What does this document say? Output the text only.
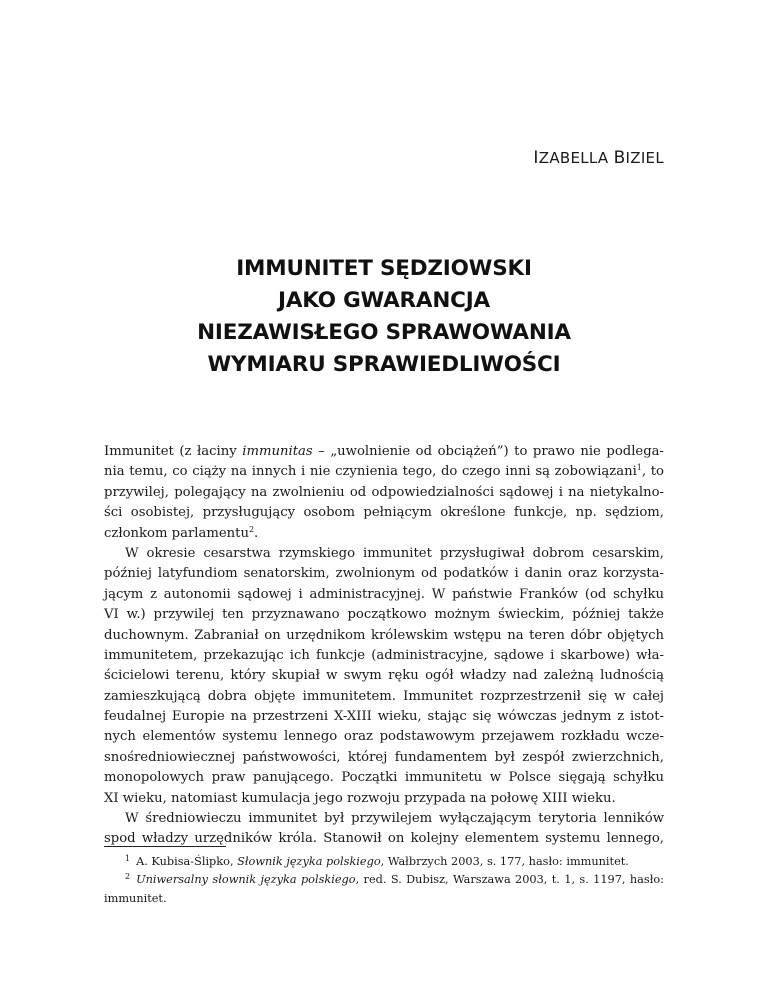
IZABELLA BIZIEL
IMMUNITET SĘDZIOWSKI
JAKO GWARANCJA
NIEZAWISŁEGO SPRAWOWANIA
WYMIARU SPRAWIEDLIWOŚCI
Immunitet (z łaciny immunitas – „uwolnienie od obciążeń”) to prawo nie podlega-
nia temu, co ciąży na innych i nie czynienia tego, do czego inni są zobowiązani$^1$, to
przywilej, polegający na zwolnieniu od odpowiedzialności sądowej i na nietykalno-
ści osobistej, przysługujący osobom pełniącym określone funkcje, np. sędziom,
członkom parlamentu$^2$.
W okresie cesarstwa rzymskiego immunitet przysługiwał dobrom cesarskim,
później latyfundiom senatorskim, zwolnionym od podatków i danin oraz korzysta-
jącym z autonomii sądowej i administracyjnej. W państwie Franków (od schyłku
VI w.) przywilej ten przyznawano początkowo możnym świeckim, później także
duchownym. Zabraniał on urzędnikom królewskim wstępu na teren dóbr objętych
immunitetem, przekazując ich funkcje (administracyjne, sądowe i skarbowe) wła-
ścicielowi terenu, który skupiał w swym ręku ogół władzy nad zależną ludnością
zamieszkującą dobra objęte immunitetem. Immunitet rozprzestrzenił się w całej
feudalnej Europie na przestrzeni X-XIII wieku, stając się wówczas jednym z istot-
nych elementów systemu lennego oraz podstawowym przejawem rozkładu wcze-
snośredniowiecznej państwowości, której fundamentem był zespół zwierzchnich,
monopolowych praw panującego. Początki immunitetu w Polsce sięgają schyłku
XI wieku, natomiast kumulacja jego rozwoju przypada na połowę XIII wieku.
W średniowieczu immunitet był przywilejem wyłączającym terytoria lenników
spod władzy urzędników króla. Stanowił on kolejny elementem systemu lennego,
$^1$ A. Kubisa-Ślipko, Słownik języka polskiego, Wałbrzych 2003, s. 177, hasło: immunitet.
$^2$ Uniwersalny słownik języka polskiego, red. S. Dubisz, Warszawa 2003, t. 1, s. 1197, hasło:
immunitet.
